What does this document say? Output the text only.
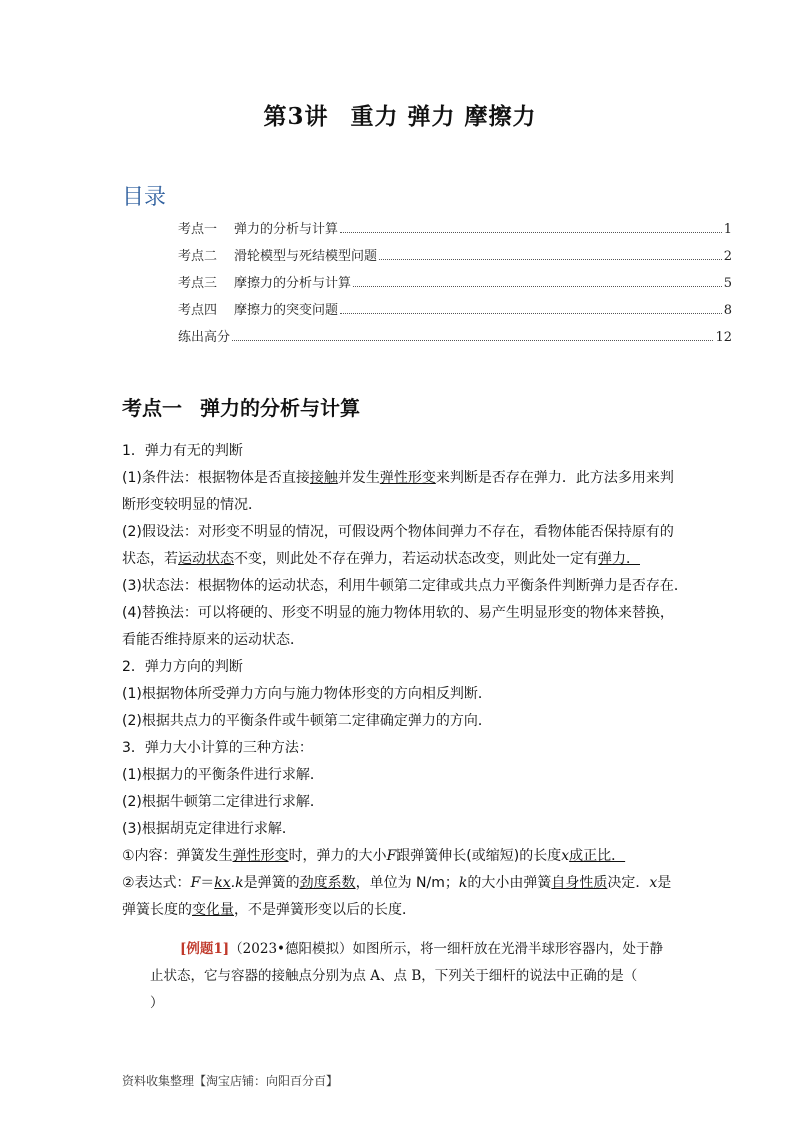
第3讲 重力 弹力 摩擦力
目录
考点一	弹力的分析与计算	1
考点二	滑轮模型与死结模型问题	2
考点三	摩擦力的分析与计算	5
考点四	摩擦力的突变问题	8
练出高分	12
考点一 弹力的分析与计算
1．弹力有无的判断
(1)条件法：根据物体是否直接接触并发生弹性形变来判断是否存在弹力．此方法多用来判
断形变较明显的情况．
(2)假设法：对形变不明显的情况，可假设两个物体间弹力不存在，看物体能否保持原有的
状态，若运动状态不变，则此处不存在弹力，若运动状态改变，则此处一定有弹力．
(3)状态法：根据物体的运动状态，利用牛顿第二定律或共点力平衡条件判断弹力是否存在．
(4)替换法：可以将硬的、形变不明显的施力物体用软的、易产生明显形变的物体来替换，
看能否维持原来的运动状态．
2．弹力方向的判断
(1)根据物体所受弹力方向与施力物体形变的方向相反判断．
(2)根据共点力的平衡条件或牛顿第二定律确定弹力的方向．
3．弹力大小计算的三种方法：
(1)根据力的平衡条件进行求解．
(2)根据牛顿第二定律进行求解．
(3)根据胡克定律进行求解．
①内容：弹簧发生弹性形变时，弹力的大小F跟弹簧伸长(或缩短)的长度x成正比．
②表达式：F＝kx.k是弹簧的劲度系数，单位为 N/m；k的大小由弹簧自身性质决定．x是
弹簧长度的变化量，不是弹簧形变以后的长度．
[例题1]（2023•德阳模拟）如图所示，将一细杆放在光滑半球形容器内，处于静
止状态，它与容器的接触点分别为点 A、点 B，下列关于细杆的说法中正确的是（
）
资料收集整理【淘宝店铺：向阳百分百】
